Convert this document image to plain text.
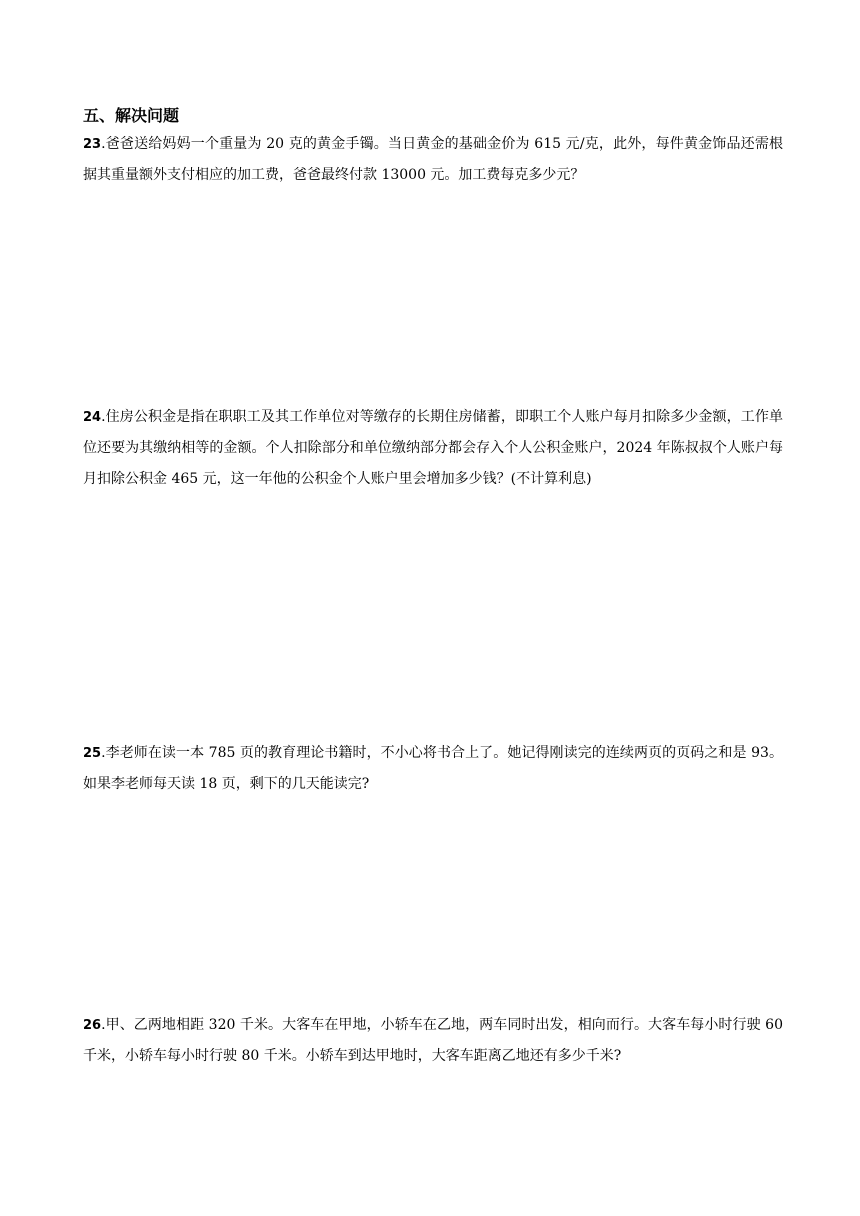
五、解决问题
23.爸爸送给妈妈一个重量为 20 克的黄金手镯。当日黄金的基础金价为 615 元/克，此外，每件黄金饰品还需根据其重量额外支付相应的加工费，爸爸最终付款 13000 元。加工费每克多少元？
24.住房公积金是指在职职工及其工作单位对等缴存的长期住房储蓄，即职工个人账户每月扣除多少金额，工作单位还要为其缴纳相等的金额。个人扣除部分和单位缴纳部分都会存入个人公积金账户，2024 年陈叔叔个人账户每月扣除公积金 465 元，这一年他的公积金个人账户里会增加多少钱？(不计算利息)
25.李老师在读一本 785 页的教育理论书籍时，不小心将书合上了。她记得刚读完的连续两页的页码之和是 93。如果李老师每天读 18 页，剩下的几天能读完?
26.甲、乙两地相距 320 千米。大客车在甲地，小轿车在乙地，两车同时出发，相向而行。大客车每小时行驶 60 千米，小轿车每小时行驶 80 千米。小轿车到达甲地时，大客车距离乙地还有多少千米?
